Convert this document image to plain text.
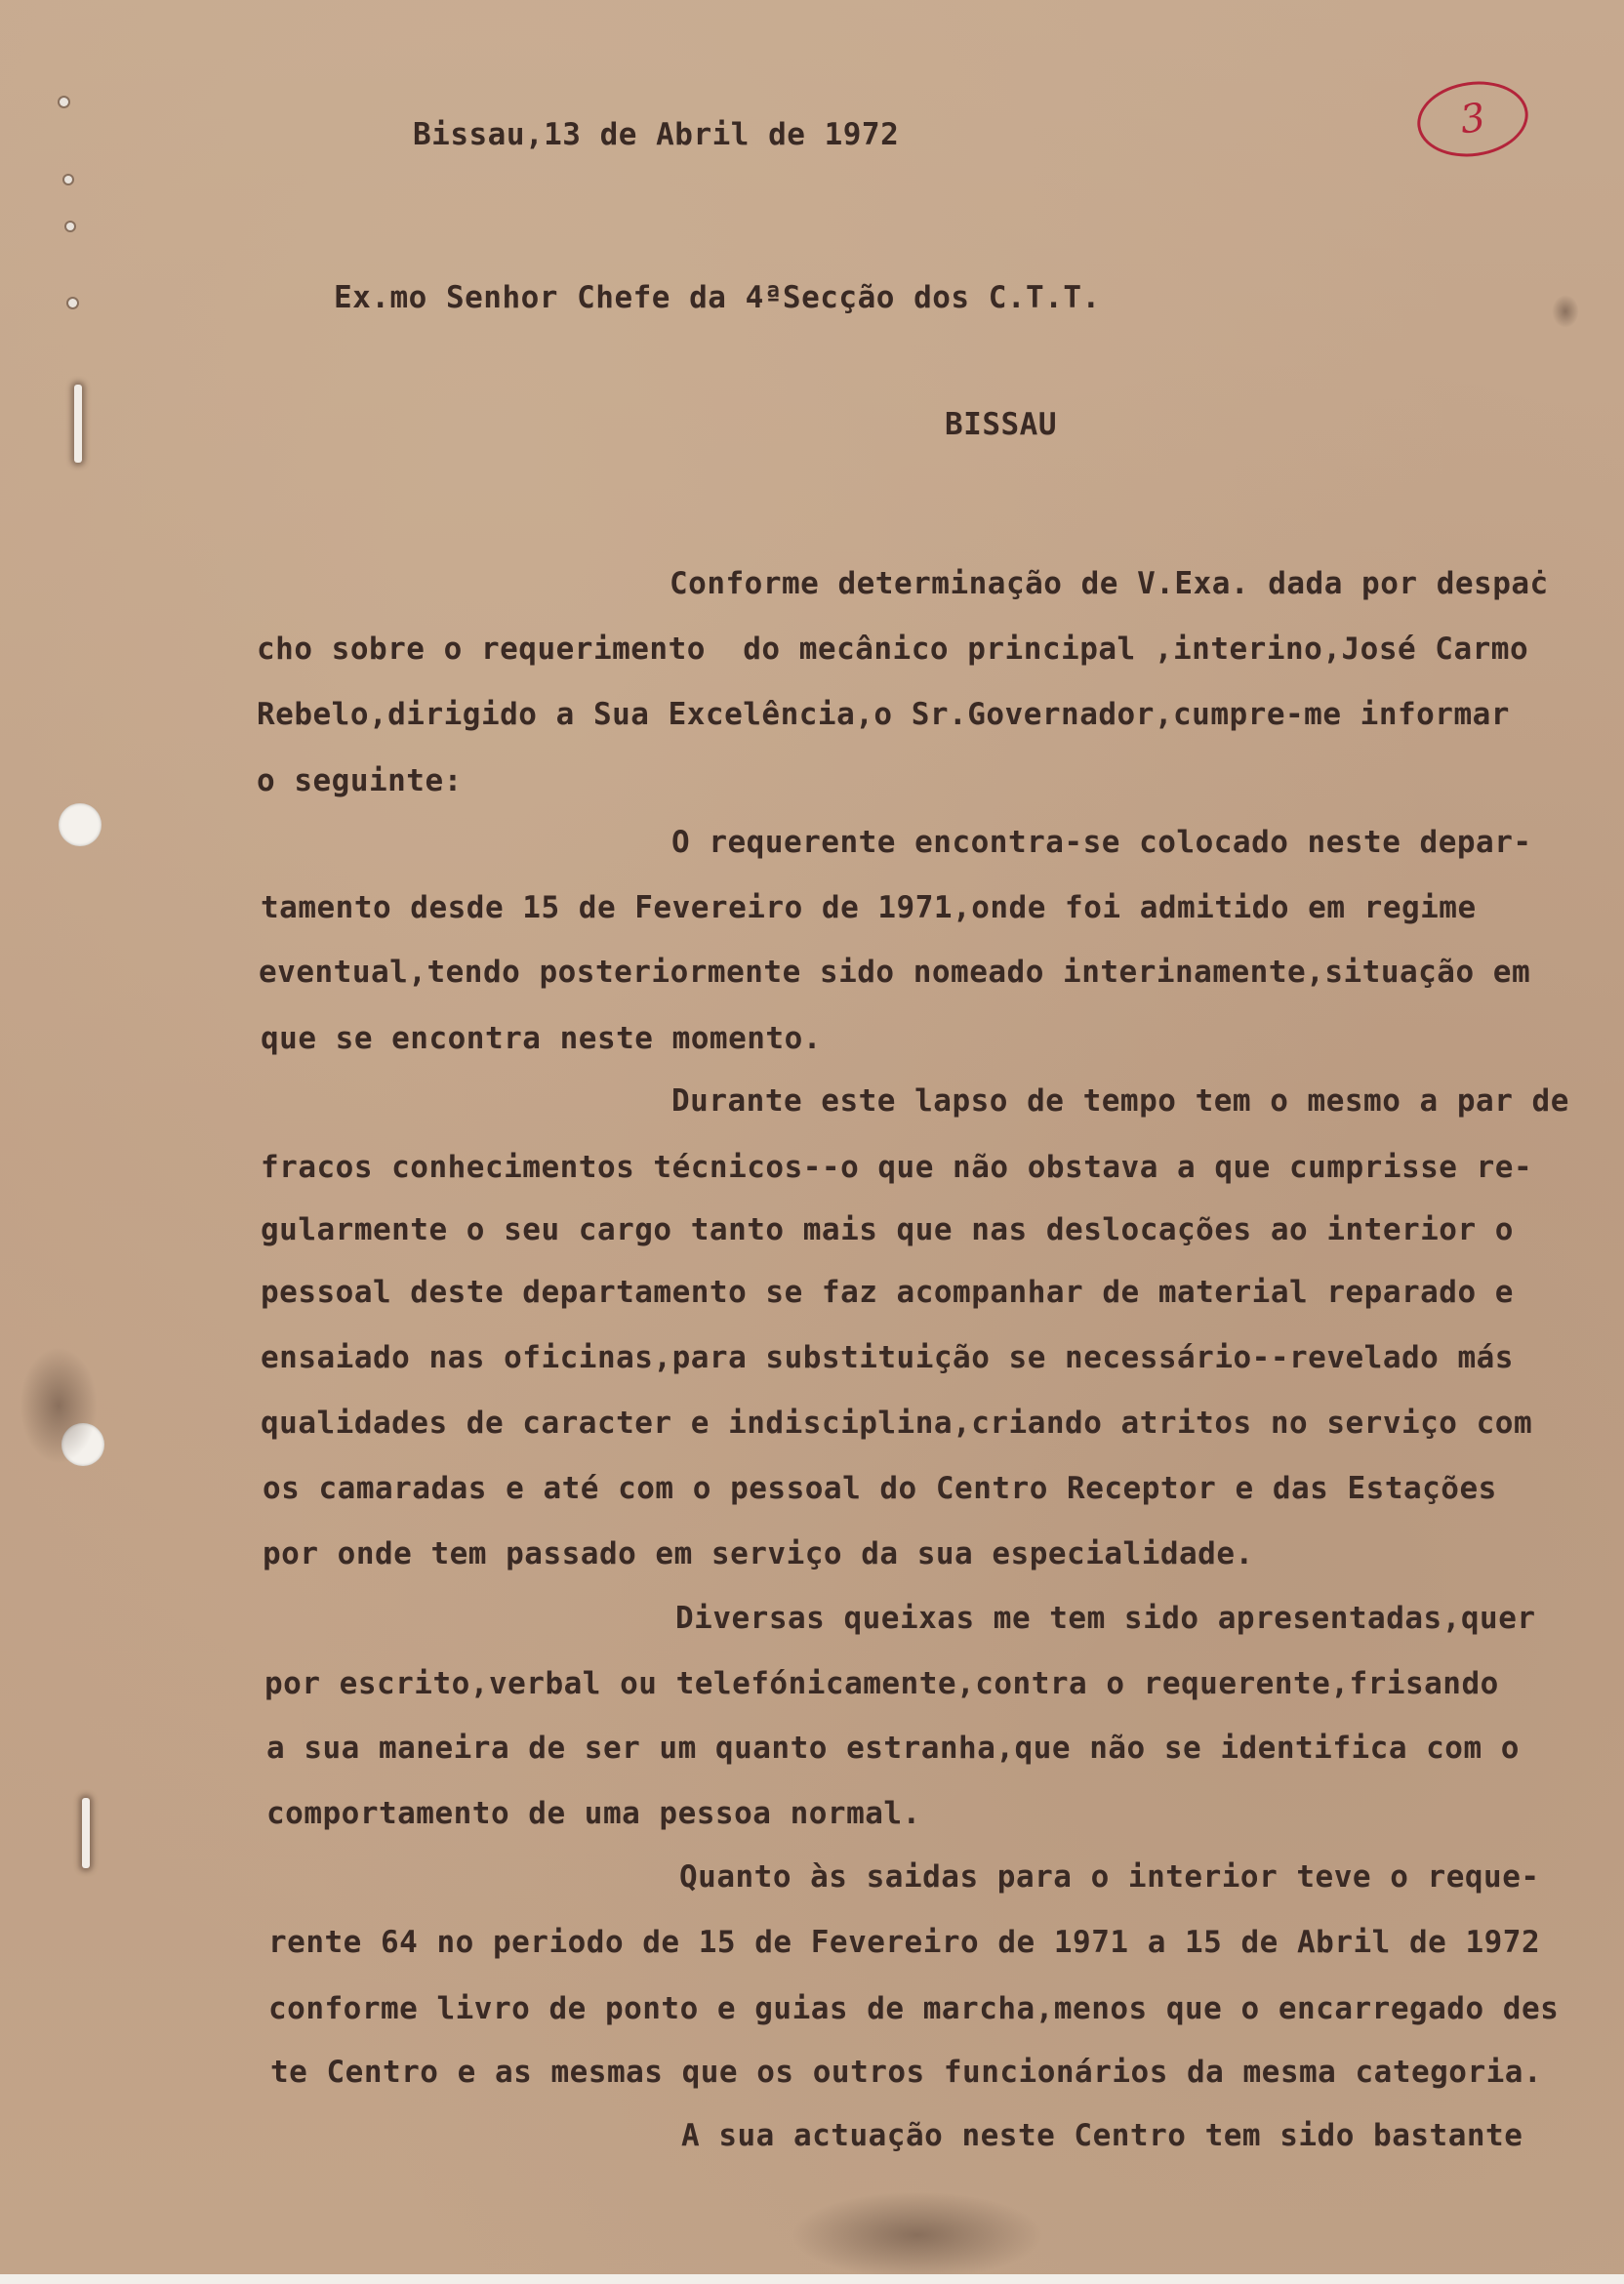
3
Bissau,13 de Abril de 1972
Ex.mo Senhor Chefe da 4ªSecção dos C.T.T.
BISSAU
Conforme determinação de V.Exa. dada por despaċ
cho sobre o requerimento  do mecânico principal ,interino,José Carmo
Rebelo,dirigido a Sua Excelência,o Sr.Governador,cumpre-me informar
o seguinte:
O requerente encontra-se colocado neste depar-
tamento desde 15 de Fevereiro de 1971,onde foi admitido em regime
eventual,tendo posteriormente sido nomeado interinamente,situação em
que se encontra neste momento.
Durante este lapso de tempo tem o mesmo a par de
fracos conhecimentos técnicos--o que não obstava a que cumprisse re-
gularmente o seu cargo tanto mais que nas deslocações ao interior o
pessoal deste departamento se faz acompanhar de material reparado e
ensaiado nas oficinas,para substituição se necessário--revelado más
qualidades de caracter e indisciplina,criando atritos no serviço com
os camaradas e até com o pessoal do Centro Receptor e das Estações
por onde tem passado em serviço da sua especialidade.
Diversas queixas me tem sido apresentadas,quer
por escrito,verbal ou telefónicamente,contra o requerente,frisando
a sua maneira de ser um quanto estranha,que não se identifica com o
comportamento de uma pessoa normal.
Quanto às saidas para o interior teve o reque-
rente 64 no periodo de 15 de Fevereiro de 1971 a 15 de Abril de 1972
conforme livro de ponto e guias de marcha,menos que o encarregado des
te Centro e as mesmas que os outros funcionários da mesma categoria.
A sua actuação neste Centro tem sido bastante
